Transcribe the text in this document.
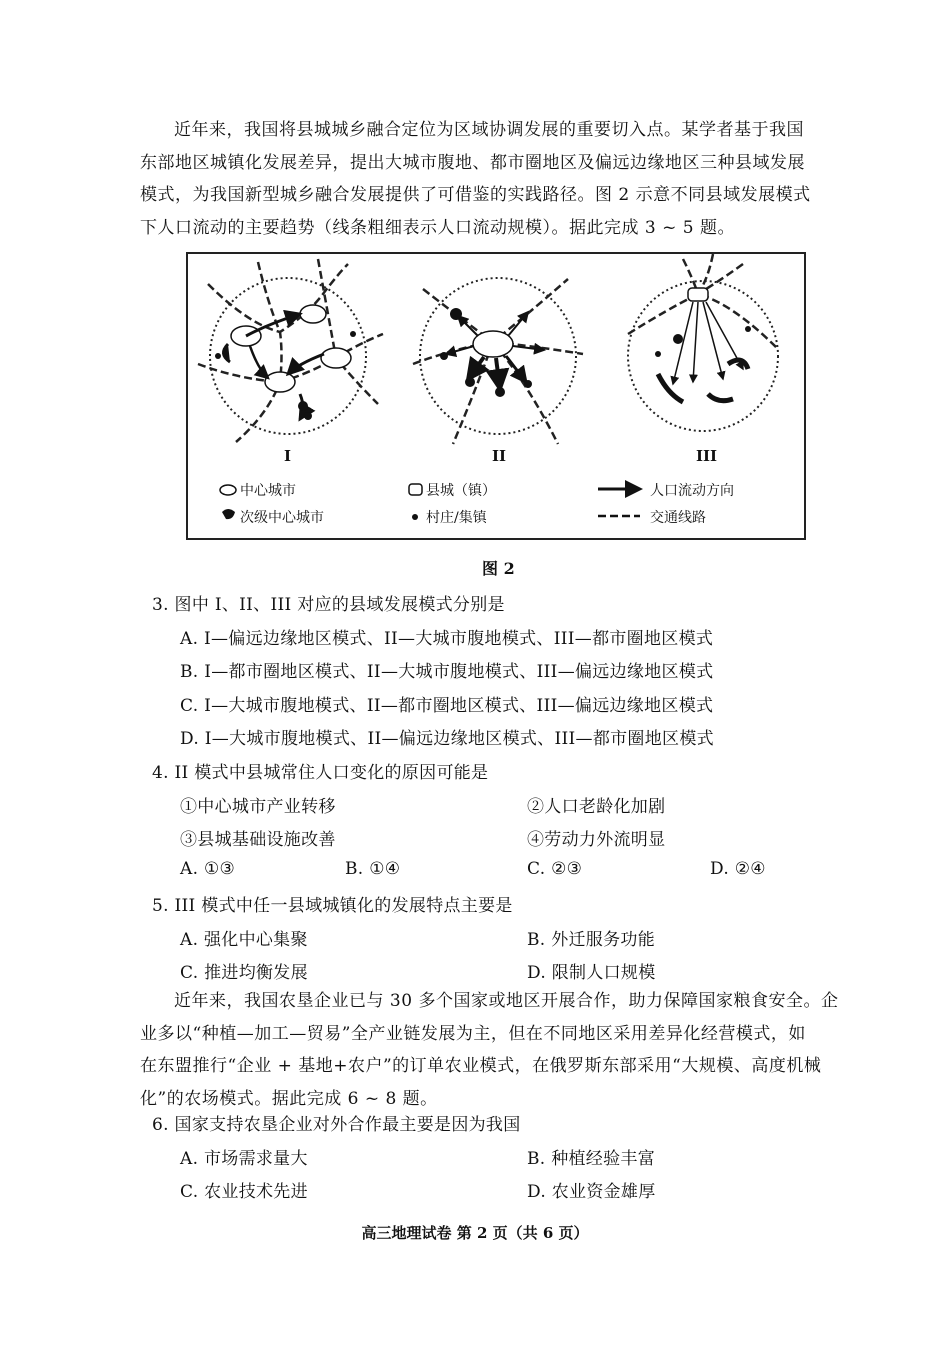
近年来，我国将县城城乡融合定位为区域协调发展的重要切入点。某学者基于我国
东部地区城镇化发展差异，提出大城市腹地、都市圈地区及偏远边缘地区三种县域发展
模式，为我国新型城乡融合发展提供了可借鉴的实践路径。图 2 示意不同县域发展模式
下人口流动的主要趋势（线条粗细表示人口流动规模）。据此完成 3 ~ 5 题。
I	II	III
中心城市
次级中心城市
县城（镇）
村庄/集镇
人口流动方向
交通线路
图 2
3. 图中 I、II、III 对应的县域发展模式分别是
A. I—偏远边缘地区模式、II—大城市腹地模式、III—都市圈地区模式
B. I—都市圈地区模式、II—大城市腹地模式、III—偏远边缘地区模式
C. I—大城市腹地模式、II—都市圈地区模式、III—偏远边缘地区模式
D. I—大城市腹地模式、II—偏远边缘地区模式、III—都市圈地区模式
4. II 模式中县城常住人口变化的原因可能是
①中心城市产业转移	②人口老龄化加剧
③县城基础设施改善	④劳动力外流明显
A. ①③	B. ①④	C. ②③	D. ②④
5. III 模式中任一县域城镇化的发展特点主要是
A. 强化中心集聚	B. 外迁服务功能
C. 推进均衡发展	D. 限制人口规模
近年来，我国农垦企业已与 30 多个国家或地区开展合作，助力保障国家粮食安全。企
业多以“种植—加工—贸易”全产业链发展为主，但在不同地区采用差异化经营模式，如
在东盟推行“企业 + 基地+农户”的订单农业模式，在俄罗斯东部采用“大规模、高度机械
化”的农场模式。据此完成 6 ~ 8 题。
6. 国家支持农垦企业对外合作最主要是因为我国
A. 市场需求量大	B. 种植经验丰富
C. 农业技术先进	D. 农业资金雄厚
高三地理试卷 第 2 页（共 6 页）
